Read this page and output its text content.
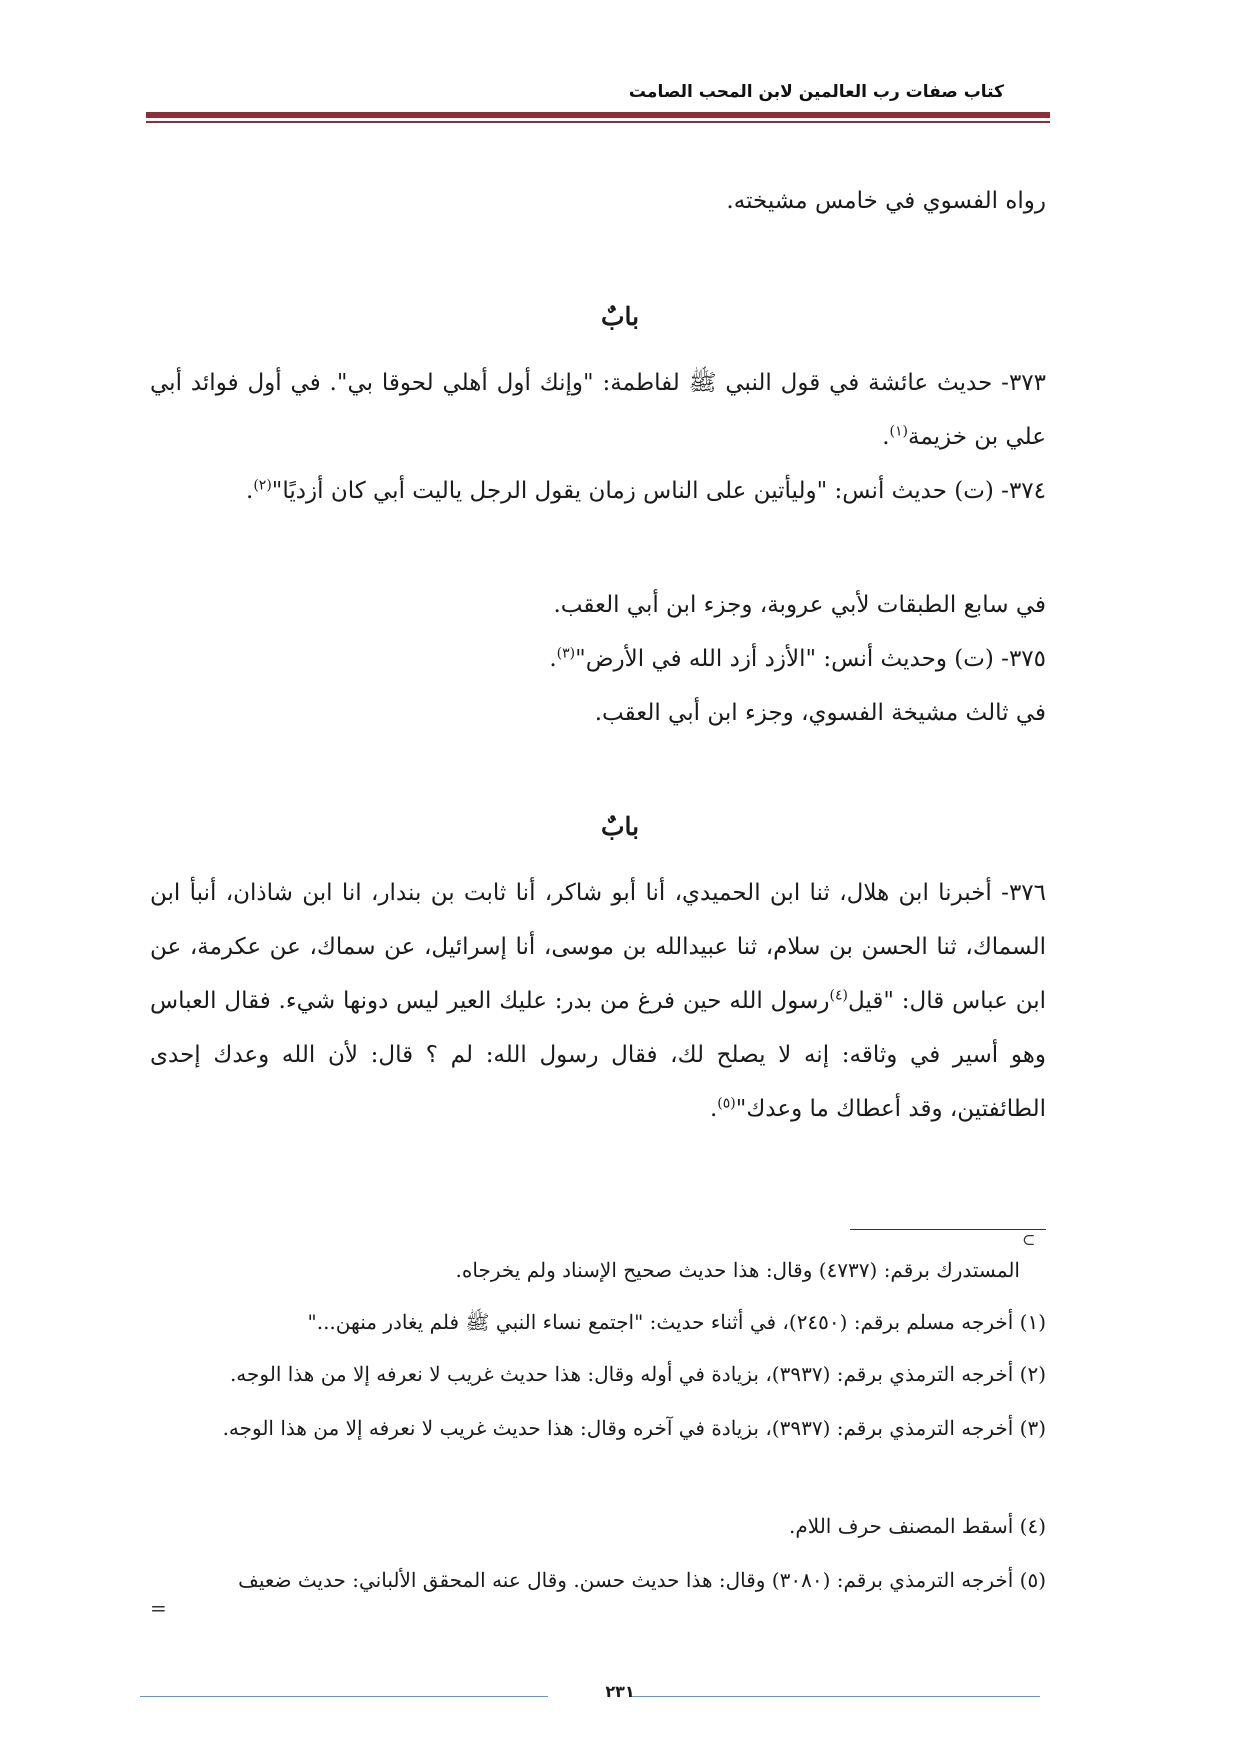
كتاب صفات رب العالمين لابن المحب الصامت
رواه الفسوي في خامس مشيخته.
بابٌ
٣٧٣- حديث عائشة في قول النبي ﷺ لفاطمة: "وإنك أول أهلي لحوقا بي". في أول فوائد أبي علي بن خزيمة$^{(١)}$.
٣٧٤- (ت) حديث أنس: "وليأتين على الناس زمان يقول الرجل ياليت أبي كان أزديًا"$^{(٢)}$.
في سابع الطبقات لأبي عروبة، وجزء ابن أبي العقب.
٣٧٥- (ت) وحديث أنس: "الأزد أزد الله في الأرض"$^{(٣)}$.
في ثالث مشيخة الفسوي، وجزء ابن أبي العقب.
بابٌ
٣٧٦- أخبرنا ابن هلال، ثنا ابن الحميدي، أنا أبو شاكر، أنا ثابت بن بندار، انا ابن شاذان، أنبأ ابن السماك، ثنا الحسن بن سلام، ثنا عبيدالله بن موسى، أنا إسرائيل، عن سماك، عن عكرمة، عن ابن عباس قال: "قيل$^{(٤)}$رسول الله حين فرغ من بدر: عليك العير ليس دونها شيء. فقال العباس وهو أسير في وثاقه: إنه لا يصلح لك، فقال رسول الله: لم ؟ قال: لأن الله وعدك إحدى الطائفتين، وقد أعطاك ما وعدك"$^{(٥)}$.
⊃
المستدرك برقم: (٤٧٣٧) وقال: هذا حديث صحيح الإسناد ولم يخرجاه.
(١) أخرجه مسلم برقم: (٢٤٥٠)، في أثناء حديث: "اجتمع نساء النبي ﷺ فلم يغادر منهن..."
(٢) أخرجه الترمذي برقم: (٣٩٣٧)، بزيادة في أوله وقال: هذا حديث غريب لا نعرفه إلا من هذا الوجه.
(٣) أخرجه الترمذي برقم: (٣٩٣٧)، بزيادة في آخره وقال: هذا حديث غريب لا نعرفه إلا من هذا الوجه.
(٤) أسقط المصنف حرف اللام.
(٥) أخرجه الترمذي برقم: (٣٠٨٠) وقال: هذا حديث حسن. وقال عنه المحقق الألباني: حديث ضعيف
=
٢٣١
